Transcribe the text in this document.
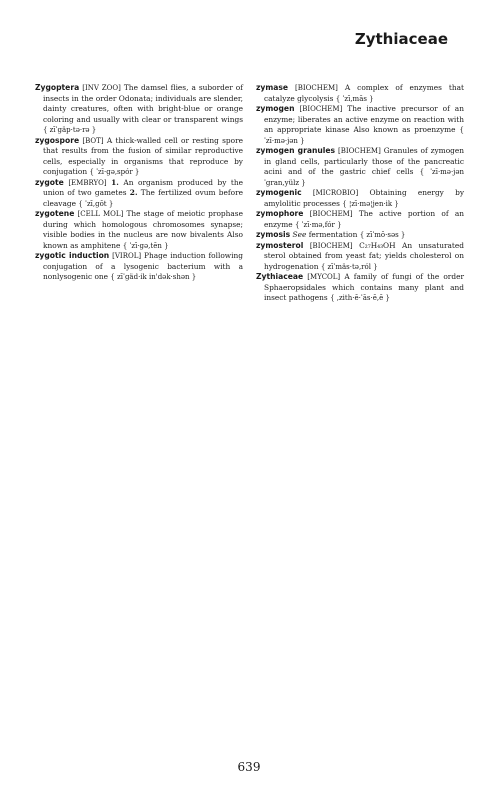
Zythiaceae

Zygoptera [INV ZOO] The damsel flies, a suborder of insects in the order Odonata; individuals are slender, dainty creatures, often with bright-blue or orange coloring and usually with clear or transparent wings { zīˈgäp·tə·rə }

zygospore [BOT] A thick-walled cell or resting spore that results from the fusion of similar reproductive cells, especially in organisms that reproduce by conjugation { ˈzī·gə,spór }

zygote [EMBRYO] 1. An organism produced by the union of two gametes 2. The fertilized ovum before cleavage { ˈzī,gōt }

zygotene [CELL MOL] The stage of meiotic prophase during which homologous chromosomes synapse; visible bodies in the nucleus are now bivalents Also known as amphitene { ˈzī·gə,tēn }

zygotic induction [VIROL] Phage induction following conjugation of a lysogenic bacterium with a nonlysogenic one { zīˈgäd·ik in'dək·shən }

zymase [BIOCHEM] A complex of enzymes that catalyze glycolysis { ˈzī,mās }

zymogen [BIOCHEM] The inactive precursor of an enzyme; liberates an active enzyme on reaction with an appropriate kinase Also known as proenzyme { ˈzī·mə·jən }

zymogen granules [BIOCHEM] Granules of zymogen in gland cells, particularly those of the pancreatic acini and of the gastric chief cells { ˈzī·mə·jən ˈgran,yülz }

zymogenic [MICROBIO] Obtaining energy by amylolitic processes { ¦zī·mə¦jen·ik }

zymophore [BIOCHEM] The active portion of an enzyme { ˈzī·mə,fór }

zymosis See fermentation { zīˈmō·səs }

zymosterol [BIOCHEM] C₂₇H₄₃OH An unsaturated sterol obtained from yeast fat; yields cholesterol on hydrogenation { zīˈmäs·tə,ról }

Zythiaceae [MYCOL] A family of fungi of the order Sphaeropsidales which contains many plant and insect pathogens { ,zith·ē·ˈās·ē,ē }

639
